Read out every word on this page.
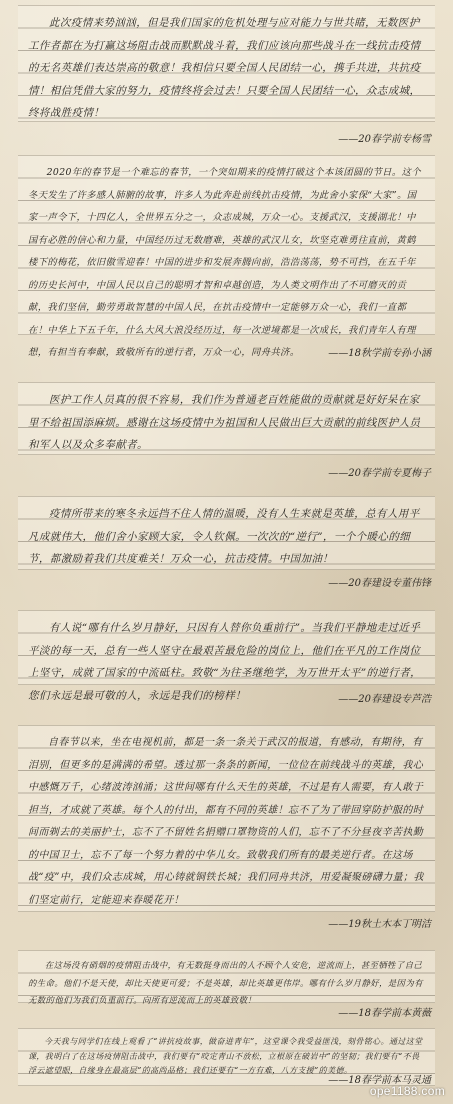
此次疫情来势汹汹，但是我们国家的危机处理与应对能力与世共睹，无数医护工作者都在为打赢这场阻击战而默默战斗着，我们应该向那些战斗在一线抗击疫情的无名英雄们表达崇高的敬意！我相信只要全国人民团结一心，携手共进，共抗疫情！相信凭借大家的努力，疫情终将会过去！只要全国人民团结一心，众志成城，终将战胜疫情！

——20春学前专杨雪

2020年的春节是一个难忘的春节，一个突如期来的疫情打破这个本该团圆的节日。这个冬天发生了许多感人肺腑的故事，许多人为此奔赴前线抗击疫情，为此舍小家保“大家”。国家一声令下，十四亿人，全世界五分之一，众志成城，万众一心。支援武汉，支援湖北！中国有必胜的信心和力量，中国经历过无数磨难，英雄的武汉儿女，坎坚克难勇往直前，黄鹤楼下的梅花，依旧傲雪迎春！中国的进步和发展奔腾向前，浩浩荡荡，势不可挡，在五千年的历史长河中，中国人民以自己的聪明才智和卓越创造，为人类文明作出了不可磨灭的贡献，我们坚信，勤劳勇敢智慧的中国人民，在抗击疫情中一定能够万众一心，我们一直都在！中华上下五千年，什么大风大浪没经历过，每一次逆境都是一次成长，我们青年人有理想，有担当有奉献，致敬所有的逆行者，万众一心，同舟共济。	——18秋学前专孙小涵

医护工作人员真的很不容易，我们作为普通老百姓能做的贡献就是好好呆在家里不给祖国添麻烦。感谢在这场疫情中为祖国和人民做出巨大贡献的前线医护人员和军人以及众多奉献者。

——20春学前专夏梅子

疫情所带来的寒冬永远挡不住人情的温暖，没有人生来就是英雄，总有人用平凡成就伟大，他们舍小家顾大家，令人钦佩。一次次的“逆行”，一个个暖心的细节，都激励着我们共度难关！万众一心，抗击疫情。中国加油！

——20春建设专董伟锋

有人说“哪有什么岁月静好，只因有人替你负重前行”。当我们平静地走过近乎平淡的每一天，总有一些人坚守在最艰苦最危险的岗位上，他们在平凡的工作岗位上坚守，成就了国家的中流砥柱。致敬“为往圣继绝学，为万世开太平”的逆行者，您们永远是最可敬的人，永远是我们的榜样！	——20春建设专芦浩

自春节以来，坐在电视机前，都是一条一条关于武汉的报道，有感动，有期待，有泪别，但更多的是满满的希望。透过那一条条的新闻，一位位在前线战斗的英雄，我心中感慨万千，心绪波涛汹涌；这世间哪有什么天生的英雄，不过是有人需要，有人敢于担当，才成就了英雄。每个人的付出，都有不同的英雄！忘不了为了带回穿防护服的时间而剃去的美丽护士，忘不了不留姓名捐赠口罩物资的人们，忘不了不分昼夜辛苦执勤的中国卫士，忘不了每一个努力着的中华儿女。致敬我们所有的最美逆行者。在这场战“疫”中，我们众志成城，用心铸就铜铁长城；我们同舟共济，用爱凝聚磅礴力量；我们坚定前行，定能迎来春暖花开！

——19秋土木本丁明洁

在这场没有硝烟的疫情阻击战中，有无数挺身而出的人不顾个人安危，逆流而上，甚至牺牲了自己的生命。他们不是天使，却比天使更可爱；不是英雄，却比英雄更伟岸。哪有什么岁月静好，是因为有无数的他们为我们负重前行。向所有逆流而上的英雄致敬！

——18春学前本黄薇

今天我与同学们在线上观看了“讲抗疫故事，做奋进青年”，这堂课令我受益匪浅，刻骨铭心。通过这堂课，我明白了在这场疫情阻击战中，我们要有“咬定青山不放松，立根原在破岩中”的坚韧；我们要有“不畏浮云遮望眼，自缘身在最高层”的高尚品格；我们还要有“一方有难，八方支援”的美德。

——18春学前本马灵通
ope1188.com
